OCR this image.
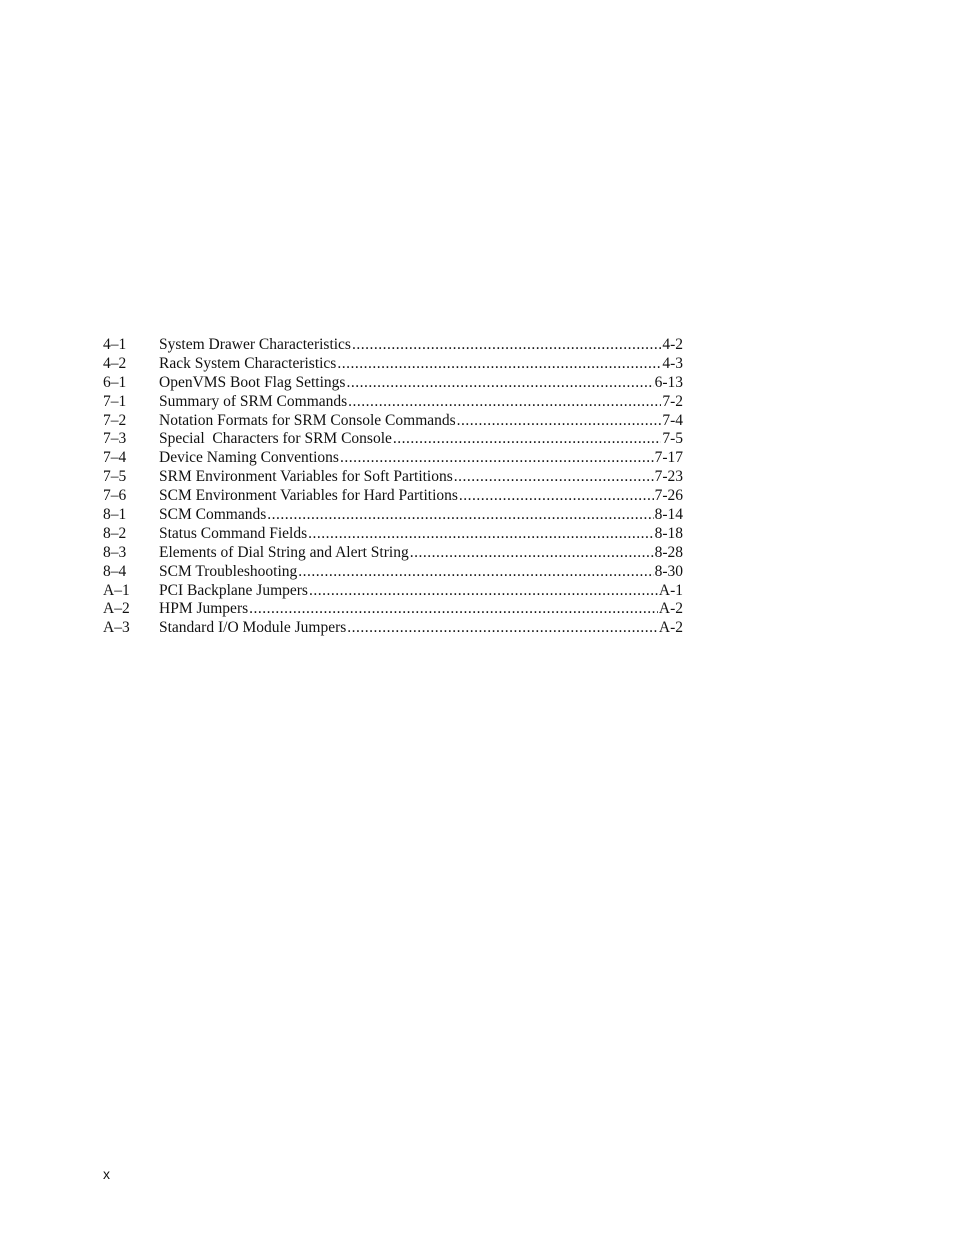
4–1	System Drawer Characteristics .....	4-2
4–2	Rack System Characteristics .....	4-3
6–1	OpenVMS Boot Flag Settings .....	6-13
7–1	Summary of SRM Commands .....	7-2
7–2	Notation Formats for SRM Console Commands .....	7-4
7–3	Special  Characters for SRM Console .....	7-5
7–4	Device Naming Conventions .....	7-17
7–5	SRM Environment Variables for Soft Partitions .....	7-23
7–6	SCM Environment Variables for Hard Partitions .....	7-26
8–1	SCM Commands .....	8-14
8–2	Status Command Fields .....	8-18
8–3	Elements of Dial String and Alert String .....	8-28
8–4	SCM Troubleshooting .....	8-30
A–1	PCI Backplane Jumpers .....	A-1
A–2	HPM Jumpers .....	A-2
A–3	Standard I/O Module Jumpers .....	A-2
x
